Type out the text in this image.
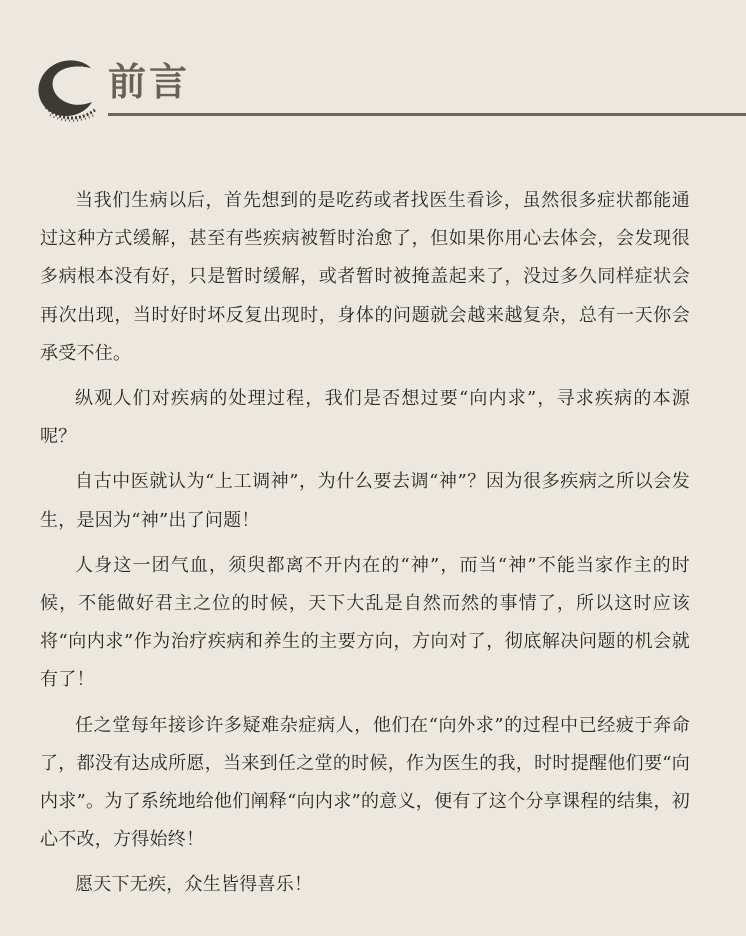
前言

当我们生病以后，首先想到的是吃药或者找医生看诊，虽然很多症状都能通过这种方式缓解，甚至有些疾病被暂时治愈了，但如果你用心去体会，会发现很多病根本没有好，只是暂时缓解，或者暂时被掩盖起来了，没过多久同样症状会再次出现，当时好时坏反复出现时，身体的问题就会越来越复杂，总有一天你会承受不住。

纵观人们对疾病的处理过程，我们是否想过要“向内求”，寻求疾病的本源呢？

自古中医就认为“上工调神”，为什么要去调“神”？因为很多疾病之所以会发生，是因为“神”出了问题！

人身这一团气血，须臾都离不开内在的“神”，而当“神”不能当家作主的时候，不能做好君主之位的时候，天下大乱是自然而然的事情了，所以这时应该将“向内求”作为治疗疾病和养生的主要方向，方向对了，彻底解决问题的机会就有了！

任之堂每年接诊许多疑难杂症病人，他们在“向外求”的过程中已经疲于奔命了，都没有达成所愿，当来到任之堂的时候，作为医生的我，时时提醒他们要“向内求”。为了系统地给他们阐释“向内求”的意义，便有了这个分享课程的结集，初心不改，方得始终！

愿天下无疾，众生皆得喜乐！
